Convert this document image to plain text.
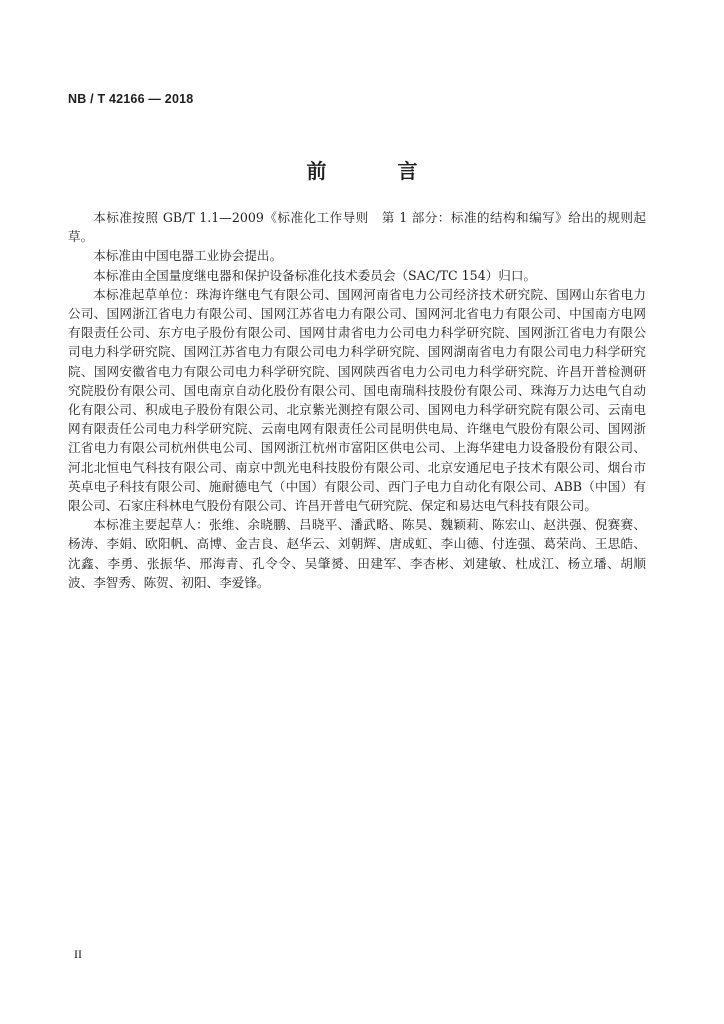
NB / T 42166 — 2018
前 言

本标准按照 GB/T 1.1—2009《标准化工作导则　第 1 部分：标准的结构和编写》给出的规则起草。

本标准由中国电器工业协会提出。

本标准由全国量度继电器和保护设备标准化技术委员会（SAC/TC 154）归口。

本标准起草单位：珠海许继电气有限公司、国网河南省电力公司经济技术研究院、国网山东省电力公司、国网浙江省电力有限公司、国网江苏省电力有限公司、国网河北省电力有限公司、中国南方电网有限责任公司、东方电子股份有限公司、国网甘肃省电力公司电力科学研究院、国网浙江省电力有限公司电力科学研究院、国网江苏省电力有限公司电力科学研究院、国网湖南省电力有限公司电力科学研究院、国网安徽省电力有限公司电力科学研究院、国网陕西省电力公司电力科学研究院、许昌开普检测研究院股份有限公司、国电南京自动化股份有限公司、国电南瑞科技股份有限公司、珠海万力达电气自动化有限公司、积成电子股份有限公司、北京紫光测控有限公司、国网电力科学研究院有限公司、云南电网有限责任公司电力科学研究院、云南电网有限责任公司昆明供电局、许继电气股份有限公司、国网浙江省电力有限公司杭州供电公司、国网浙江杭州市富阳区供电公司、上海华建电力设备股份有限公司、河北北恒电气科技有限公司、南京中凯光电科技股份有限公司、北京安通尼电子技术有限公司、烟台市英卓电子科技有限公司、施耐德电气（中国）有限公司、西门子电力自动化有限公司、ABB（中国）有限公司、石家庄科林电气股份有限公司、许昌开普电气研究院、保定和易达电气科技有限公司。

本标准主要起草人：张维、余晓鹏、吕晓平、潘武略、陈昊、魏颖莉、陈宏山、赵洪强、倪赛赛、杨涛、李娟、欧阳帆、高博、金吉良、赵华云、刘朝辉、唐成虹、李山德、付连强、葛荣尚、王思皓、沈鑫、李勇、张振华、邢海青、孔令令、吴肇赟、田建军、李杏彬、刘建敏、杜成江、杨立璠、胡顺波、李智秀、陈贺、初阳、李爱锋。

II
